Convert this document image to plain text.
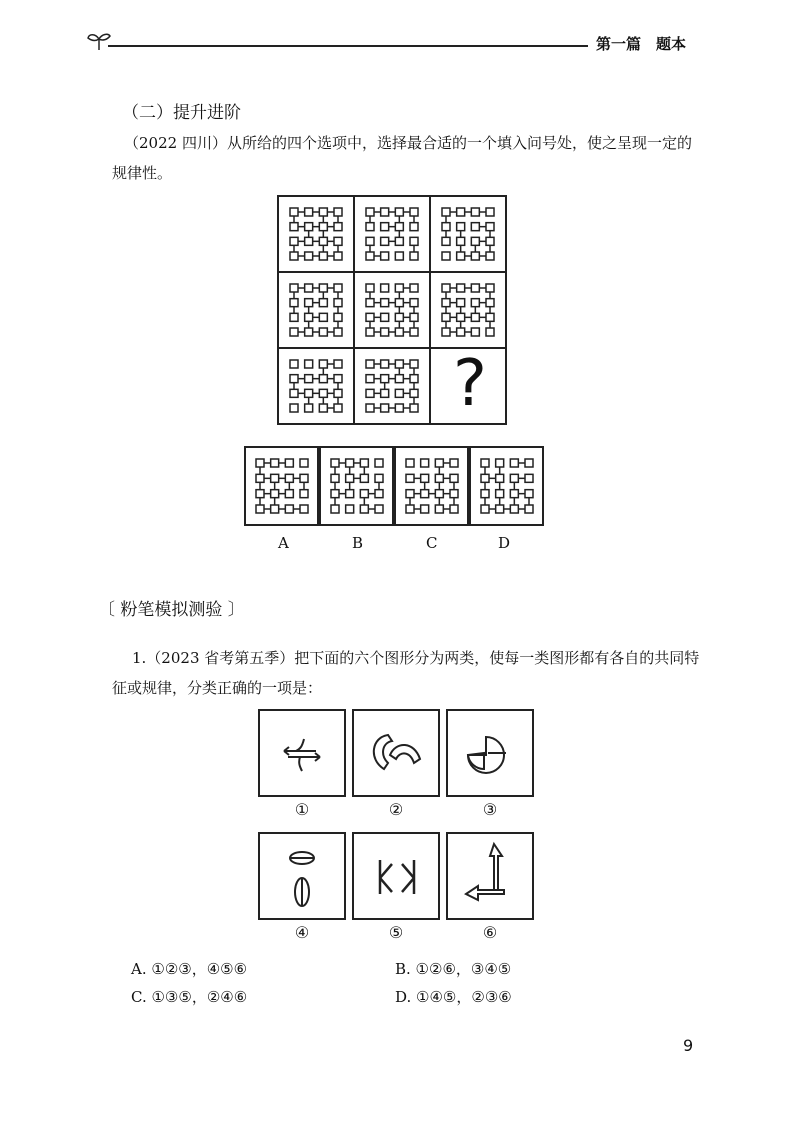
第一篇　题本
（二）提升进阶
（2022 四川）从所给的四个选项中，选择最合适的一个填入问号处，使之呈现一定的规律性。
?
A	B	C	D
〔 粉笔模拟测验 〕
1.（2023 省考第五季）把下面的六个图形分为两类，使每一类图形都有各自的共同特征或规律，分类正确的一项是：
①	②	③
④	⑤	⑥
A. ①②③，④⑤⑥	B. ①②⑥，③④⑤
C. ①③⑤，②④⑥	D. ①④⑤，②③⑥
9
